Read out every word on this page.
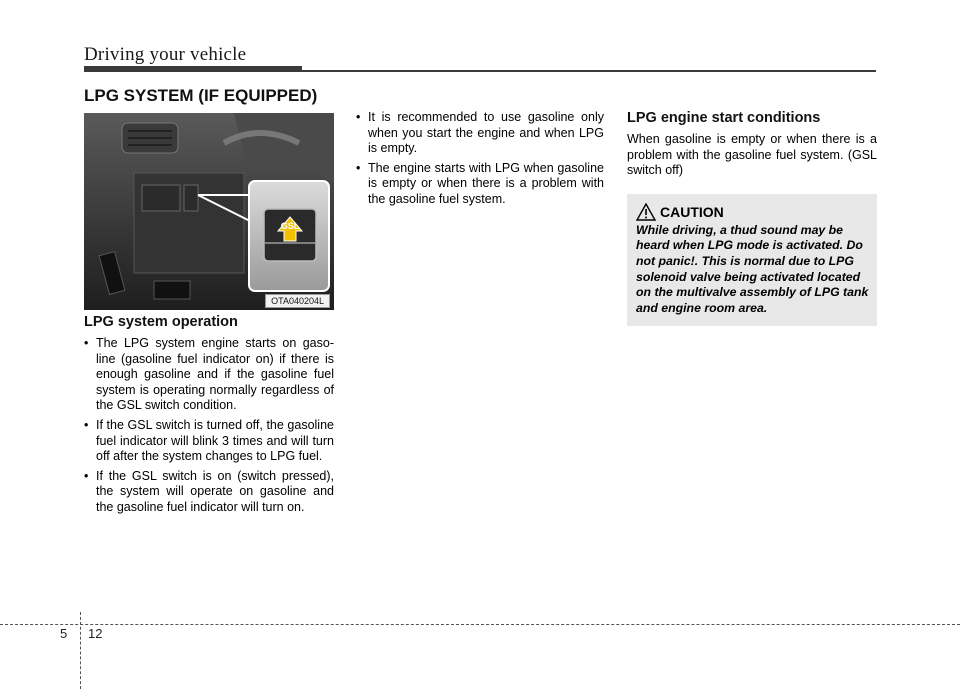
Driving your vehicle
LPG SYSTEM (IF EQUIPPED)
GSL
OTA040204L
LPG system operation
• The LPG system engine starts on gaso-line (gasoline fuel indicator on) if there is enough gasoline and if the gasoline fuel system is operating normally regardless of the GSL switch condition.
• If the GSL switch is turned off, the gasoline fuel indicator will blink 3 times and will turn off after the system changes to LPG fuel.
• If the GSL switch is on (switch pressed), the system will operate on gasoline and the gasoline fuel indicator will turn on.
• It is recommended to use gasoline only when you start the engine and when LPG is empty.
• The engine starts with LPG when gasoline is empty or when there is a problem with the gasoline fuel system.
LPG engine start conditions

When gasoline is empty or when there is a problem with the gasoline fuel system. (GSL switch off)

CAUTION

While driving, a thud sound may be heard when LPG mode is activated. Do not panic!. This is normal due to LPG solenoid valve being activated located on the multivalve assembly of LPG tank and engine room area.

5 12
